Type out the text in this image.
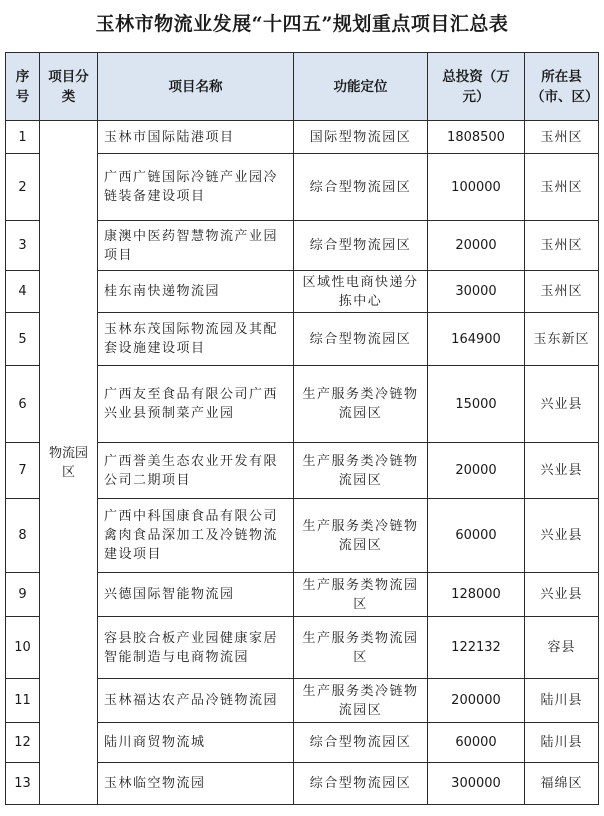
玉林市物流业发展“十四五”规划重点项目汇总表
序号	项目分类	项目名称	功能定位	总投资（万元）	所在县（市、区）
1	物流园区	玉林市国际陆港项目	国际型物流园区	1808500	玉州区
2		广西广链国际冷链产业园冷链装备建设项目	综合型物流园区	100000	玉州区
3		康澳中医药智慧物流产业园项目	综合型物流园区	20000	玉州区
4		桂东南快递物流园	区域性电商快递分拣中心	30000	玉州区
5		玉林东茂国际物流园及其配套设施建设项目	综合型物流园区	164900	玉东新区
6		广西友至食品有限公司广西兴业县预制菜产业园	生产服务类冷链物流园区	15000	兴业县
7		广西誉美生态农业开发有限公司二期项目	生产服务类冷链物流园区	20000	兴业县
8		广西中科国康食品有限公司禽肉食品深加工及冷链物流建设项目	生产服务类冷链物流园区	60000	兴业县
9		兴德国际智能物流园	生产服务类物流园区	128000	兴业县
10		容县胶合板产业园健康家居智能制造与电商物流园	生产服务类物流园区	122132	容县
11		玉林福达农产品冷链物流园	生产服务类冷链物流园区	200000	陆川县
12		陆川商贸物流城	综合型物流园区	60000	陆川县
13		玉林临空物流园	综合型物流园区	300000	福绵区
